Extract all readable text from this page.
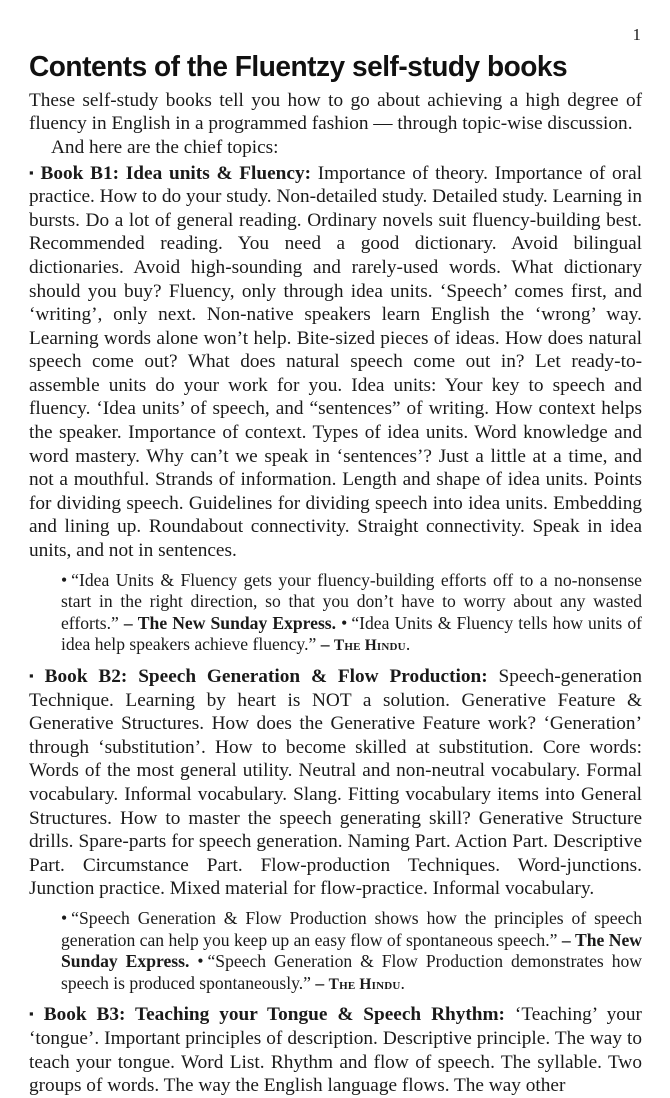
1
Contents of the Fluentzy self-study books

These self-study books tell you how to go about achieving a high degree of fluency in English in a programmed fashion — through topic-wise discussion.

And here are the chief topics:

▪ Book B1: Idea units & Fluency: Importance of theory. Importance of oral practice. How to do your study. Non-detailed study. Detailed study. Learning in bursts. Do a lot of general reading. Ordinary novels suit fluency-building best. Recommended reading. You need a good dictionary. Avoid bilingual dictionaries. Avoid high-sounding and rarely-used words. What dictionary should you buy? Fluency, only through idea units. ‘Speech’ comes first, and ‘writing’, only next. Non-native speakers learn English the ‘wrong’ way. Learning words alone won’t help. Bite-sized pieces of ideas. How does natural speech come out? What does natural speech come out in? Let ready-to-assemble units do your work for you. Idea units: Your key to speech and fluency. ‘Idea units’ of speech, and “sentences” of writing. How context helps the speaker. Importance of context. Types of idea units. Word knowledge and word mastery. Why can’t we speak in ‘sentences’? Just a little at a time, and not a mouthful. Strands of information. Length and shape of idea units. Points for dividing speech. Guidelines for dividing speech into idea units. Embedding and lining up. Roundabout connectivity. Straight connectivity. Speak in idea units, and not in sentences.

• “Idea Units & Fluency gets your fluency-building efforts off to a no-nonsense start in the right direction, so that you don’t have to worry about any wasted efforts.” – The New Sunday Express. • “Idea Units & Fluency tells how units of idea help speakers achieve fluency.” – The Hindu.

▪ Book B2: Speech Generation & Flow Production: Speech-generation Technique. Learning by heart is NOT a solution. Generative Feature & Generative Structures. How does the Generative Feature work? ‘Generation’ through ‘substitution’. How to become skilled at substitution. Core words: Words of the most general utility. Neutral and non-neutral vocabulary. Formal vocabulary. Informal vocabulary. Slang. Fitting vocabulary items into General Structures. How to master the speech generating skill? Generative Structure drills. Spare-parts for speech generation. Naming Part. Action Part. Descriptive Part. Circumstance Part. Flow-production Techniques. Word-junctions. Junction practice. Mixed material for flow-practice. Informal vocabulary.

• “Speech Generation & Flow Production shows how the principles of speech generation can help you keep up an easy flow of spontaneous speech.” – The New Sunday Express. • “Speech Generation & Flow Production demonstrates how speech is produced spontaneously.” – The Hindu.

▪ Book B3: Teaching your Tongue & Speech Rhythm: ‘Teaching’ your ‘tongue’. Important principles of description. Descriptive principle. The way to teach your tongue. Word List. Rhythm and flow of speech. The syllable. Two groups of words. The way the English language flows. The way other
